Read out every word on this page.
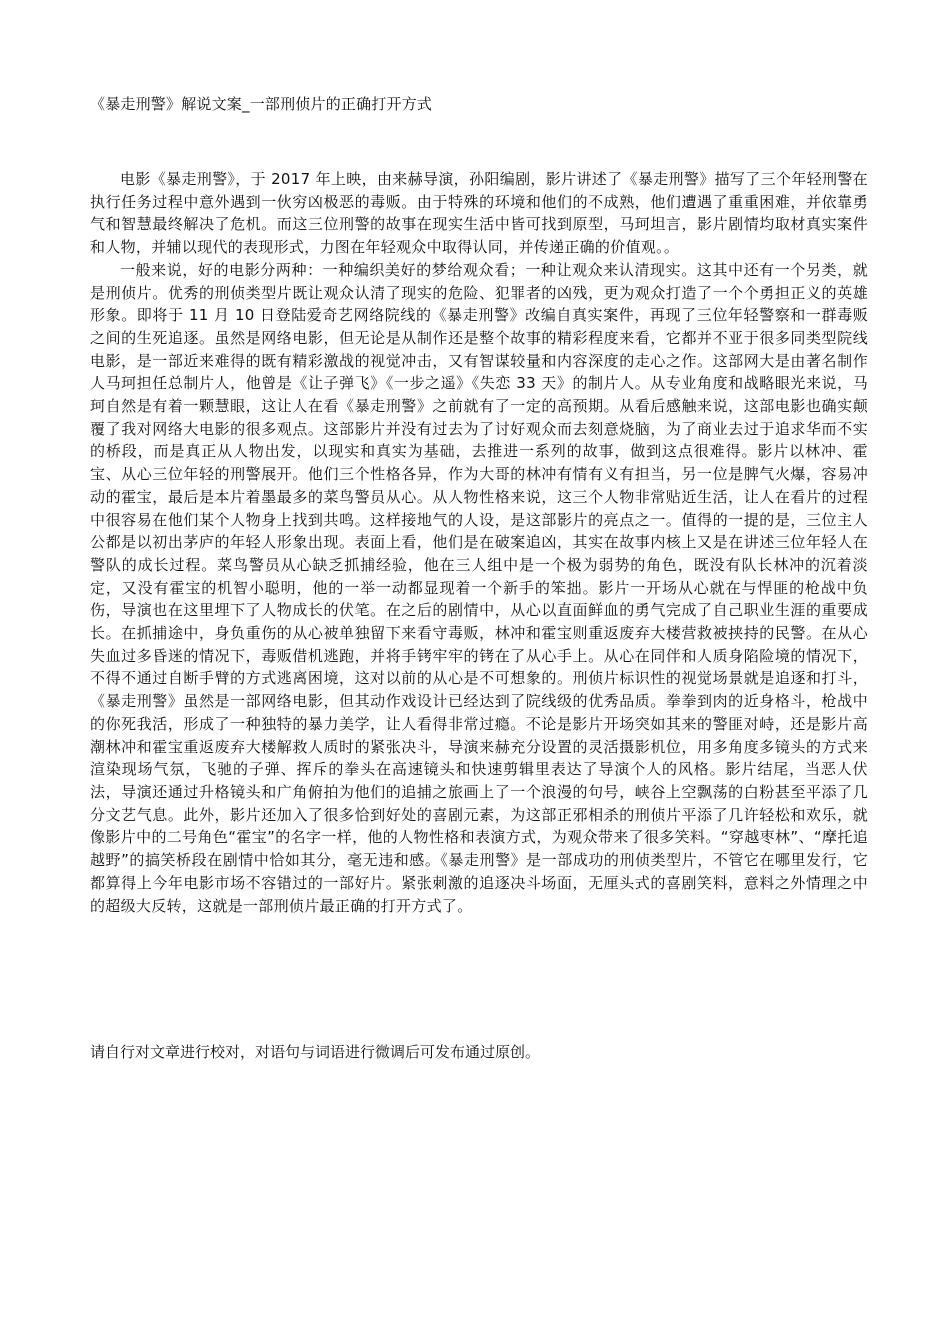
《暴走刑警》解说文案_一部刑侦片的正确打开方式

电影《暴走刑警》，于 2017 年上映，由来赫导演，孙阳编剧，影片讲述了《暴走刑警》描写了三个年轻刑警在执行任务过程中意外遇到一伙穷凶极恶的毒贩。由于特殊的环境和他们的不成熟，他们遭遇了重重困难，并依靠勇气和智慧最终解决了危机。而这三位刑警的故事在现实生活中皆可找到原型，马珂坦言，影片剧情均取材真实案件和人物，并辅以现代的表现形式，力图在年轻观众中取得认同，并传递正确的价值观。。

一般来说，好的电影分两种：一种编织美好的梦给观众看；一种让观众来认清现实。这其中还有一个另类，就是刑侦片。优秀的刑侦类型片既让观众认清了现实的危险、犯罪者的凶残，更为观众打造了一个个勇担正义的英雄形象。即将于 11 月 10 日登陆爱奇艺网络院线的《暴走刑警》改编自真实案件，再现了三位年轻警察和一群毒贩之间的生死追逐。虽然是网络电影，但无论是从制作还是整个故事的精彩程度来看，它都并不亚于很多同类型院线电影，是一部近来难得的既有精彩激战的视觉冲击，又有智谋较量和内容深度的走心之作。这部网大是由著名制作人马珂担任总制片人，他曾是《让子弹飞》《一步之遥》《失恋 33 天》的制片人。从专业角度和战略眼光来说，马珂自然是有着一颗慧眼，这让人在看《暴走刑警》之前就有了一定的高预期。从看后感触来说，这部电影也确实颠覆了我对网络大电影的很多观点。这部影片并没有过去为了讨好观众而去刻意烧脑，为了商业去过于追求华而不实的桥段，而是真正从人物出发，以现实和真实为基础，去推进一系列的故事，做到这点很难得。影片以林冲、霍宝、从心三位年轻的刑警展开。他们三个性格各异，作为大哥的林冲有情有义有担当，另一位是脾气火爆，容易冲动的霍宝，最后是本片着墨最多的菜鸟警员从心。从人物性格来说，这三个人物非常贴近生活，让人在看片的过程中很容易在他们某个人物身上找到共鸣。这样接地气的人设，是这部影片的亮点之一。值得的一提的是，三位主人公都是以初出茅庐的年轻人形象出现。表面上看，他们是在破案追凶，其实在故事内核上又是在讲述三位年轻人在警队的成长过程。菜鸟警员从心缺乏抓捕经验，他在三人组中是一个极为弱势的角色，既没有队长林冲的沉着淡定，又没有霍宝的机智小聪明，他的一举一动都显现着一个新手的笨拙。影片一开场从心就在与悍匪的枪战中负伤，导演也在这里埋下了人物成长的伏笔。在之后的剧情中，从心以直面鲜血的勇气完成了自己职业生涯的重要成长。在抓捕途中，身负重伤的从心被单独留下来看守毒贩，林冲和霍宝则重返废弃大楼营救被挟持的民警。在从心失血过多昏迷的情况下，毒贩借机逃跑，并将手铐牢牢的铐在了从心手上。从心在同伴和人质身陷险境的情况下，不得不通过自断手臂的方式逃离困境，这对以前的从心是不可想象的。刑侦片标识性的视觉场景就是追逐和打斗，《暴走刑警》虽然是一部网络电影，但其动作戏设计已经达到了院线级的优秀品质。拳拳到肉的近身格斗，枪战中的你死我活，形成了一种独特的暴力美学，让人看得非常过瘾。不论是影片开场突如其来的警匪对峙，还是影片高潮林冲和霍宝重返废弃大楼解救人质时的紧张决斗，导演来赫充分设置的灵活摄影机位，用多角度多镜头的方式来渲染现场气氛，飞驰的子弹、挥斥的拳头在高速镜头和快速剪辑里表达了导演个人的风格。影片结尾，当恶人伏法，导演还通过升格镜头和广角俯拍为他们的追捕之旅画上了一个浪漫的句号，峡谷上空飘荡的白粉甚至平添了几分文艺气息。此外，影片还加入了很多恰到好处的喜剧元素，为这部正邪相杀的刑侦片平添了几许轻松和欢乐，就像影片中的二号角色“霍宝”的名字一样，他的人物性格和表演方式，为观众带来了很多笑料。“穿越枣林”、“摩托追越野”的搞笑桥段在剧情中恰如其分，毫无违和感。《暴走刑警》是一部成功的刑侦类型片，不管它在哪里发行，它都算得上今年电影市场不容错过的一部好片。紧张刺激的追逐决斗场面，无厘头式的喜剧笑料，意料之外情理之中的超级大反转，这就是一部刑侦片最正确的打开方式了。

请自行对文章进行校对，对语句与词语进行微调后可发布通过原创。
